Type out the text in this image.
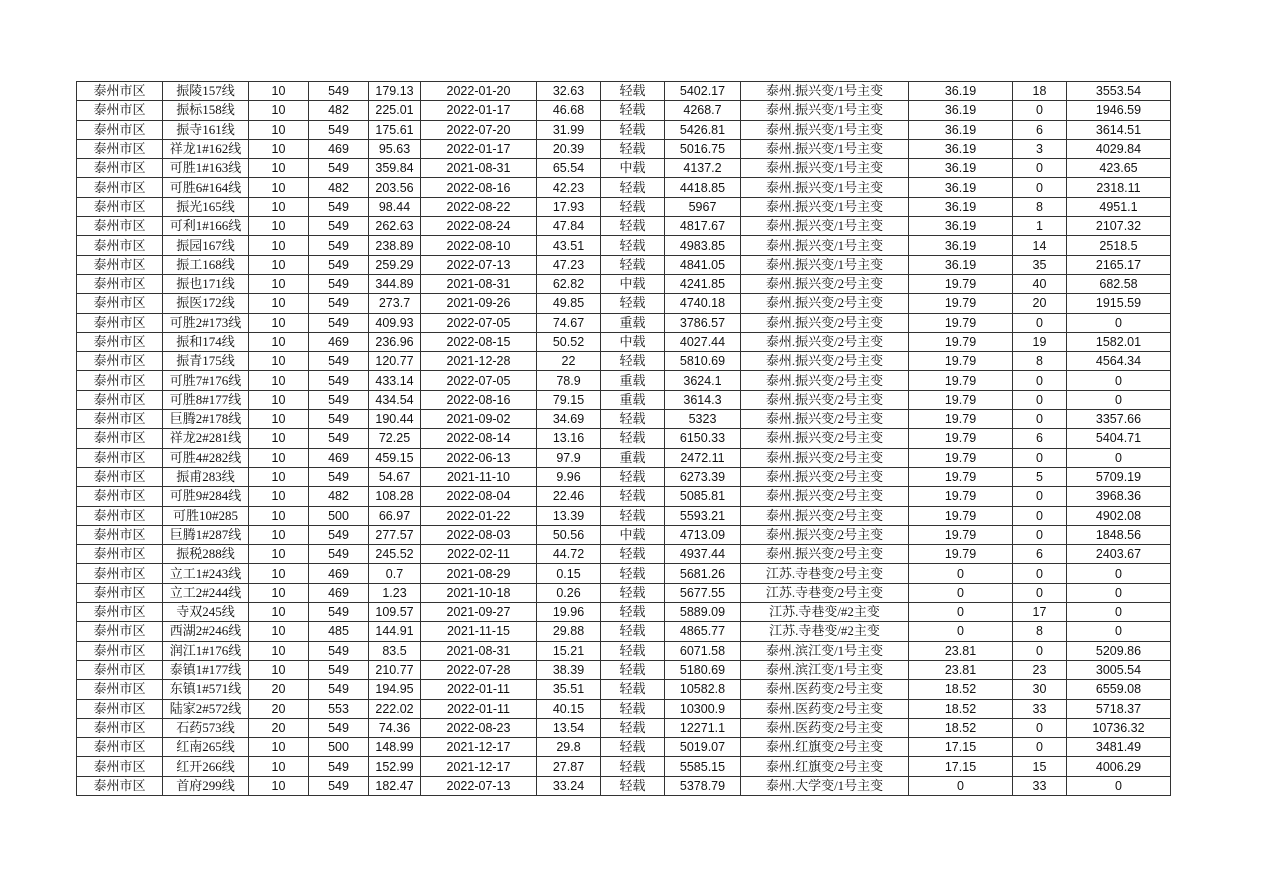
泰州市区	振陵157线	10	549	179.13	2022-01-20	32.63	轻载	5402.17	泰州.振兴变/1号主变	36.19	18	3553.54
泰州市区	振标158线	10	482	225.01	2022-01-17	46.68	轻载	4268.7	泰州.振兴变/1号主变	36.19	0	1946.59
泰州市区	振寺161线	10	549	175.61	2022-07-20	31.99	轻载	5426.81	泰州.振兴变/1号主变	36.19	6	3614.51
泰州市区	祥龙1#162线	10	469	95.63	2022-01-17	20.39	轻载	5016.75	泰州.振兴变/1号主变	36.19	3	4029.84
泰州市区	可胜1#163线	10	549	359.84	2021-08-31	65.54	中载	4137.2	泰州.振兴变/1号主变	36.19	0	423.65
泰州市区	可胜6#164线	10	482	203.56	2022-08-16	42.23	轻载	4418.85	泰州.振兴变/1号主变	36.19	0	2318.11
泰州市区	振光165线	10	549	98.44	2022-08-22	17.93	轻载	5967	泰州.振兴变/1号主变	36.19	8	4951.1
泰州市区	可利1#166线	10	549	262.63	2022-08-24	47.84	轻载	4817.67	泰州.振兴变/1号主变	36.19	1	2107.32
泰州市区	振园167线	10	549	238.89	2022-08-10	43.51	轻载	4983.85	泰州.振兴变/1号主变	36.19	14	2518.5
泰州市区	振工168线	10	549	259.29	2022-07-13	47.23	轻载	4841.05	泰州.振兴变/1号主变	36.19	35	2165.17
泰州市区	振也171线	10	549	344.89	2021-08-31	62.82	中载	4241.85	泰州.振兴变/2号主变	19.79	40	682.58
泰州市区	振医172线	10	549	273.7	2021-09-26	49.85	轻载	4740.18	泰州.振兴变/2号主变	19.79	20	1915.59
泰州市区	可胜2#173线	10	549	409.93	2022-07-05	74.67	重载	3786.57	泰州.振兴变/2号主变	19.79	0	0
泰州市区	振和174线	10	469	236.96	2022-08-15	50.52	中载	4027.44	泰州.振兴变/2号主变	19.79	19	1582.01
泰州市区	振青175线	10	549	120.77	2021-12-28	22	轻载	5810.69	泰州.振兴变/2号主变	19.79	8	4564.34
泰州市区	可胜7#176线	10	549	433.14	2022-07-05	78.9	重载	3624.1	泰州.振兴变/2号主变	19.79	0	0
泰州市区	可胜8#177线	10	549	434.54	2022-08-16	79.15	重载	3614.3	泰州.振兴变/2号主变	19.79	0	0
泰州市区	巨腾2#178线	10	549	190.44	2021-09-02	34.69	轻载	5323	泰州.振兴变/2号主变	19.79	0	3357.66
泰州市区	祥龙2#281线	10	549	72.25	2022-08-14	13.16	轻载	6150.33	泰州.振兴变/2号主变	19.79	6	5404.71
泰州市区	可胜4#282线	10	469	459.15	2022-06-13	97.9	重载	2472.11	泰州.振兴变/2号主变	19.79	0	0
泰州市区	振甫283线	10	549	54.67	2021-11-10	9.96	轻载	6273.39	泰州.振兴变/2号主变	19.79	5	5709.19
泰州市区	可胜9#284线	10	482	108.28	2022-08-04	22.46	轻载	5085.81	泰州.振兴变/2号主变	19.79	0	3968.36
泰州市区	可胜10#285	10	500	66.97	2022-01-22	13.39	轻载	5593.21	泰州.振兴变/2号主变	19.79	0	4902.08
泰州市区	巨腾1#287线	10	549	277.57	2022-08-03	50.56	中载	4713.09	泰州.振兴变/2号主变	19.79	0	1848.56
泰州市区	振税288线	10	549	245.52	2022-02-11	44.72	轻载	4937.44	泰州.振兴变/2号主变	19.79	6	2403.67
泰州市区	立工1#243线	10	469	0.7	2021-08-29	0.15	轻载	5681.26	江苏.寺巷变/2号主变	0	0	0
泰州市区	立工2#244线	10	469	1.23	2021-10-18	0.26	轻载	5677.55	江苏.寺巷变/2号主变	0	0	0
泰州市区	寺双245线	10	549	109.57	2021-09-27	19.96	轻载	5889.09	江苏.寺巷变/#2主变	0	17	0
泰州市区	西湖2#246线	10	485	144.91	2021-11-15	29.88	轻载	4865.77	江苏.寺巷变/#2主变	0	8	0
泰州市区	润江1#176线	10	549	83.5	2021-08-31	15.21	轻载	6071.58	泰州.滨江变/1号主变	23.81	0	5209.86
泰州市区	泰镇1#177线	10	549	210.77	2022-07-28	38.39	轻载	5180.69	泰州.滨江变/1号主变	23.81	23	3005.54
泰州市区	东镇1#571线	20	549	194.95	2022-01-11	35.51	轻载	10582.8	泰州.医药变/2号主变	18.52	30	6559.08
泰州市区	陆家2#572线	20	553	222.02	2022-01-11	40.15	轻载	10300.9	泰州.医药变/2号主变	18.52	33	5718.37
泰州市区	石药573线	20	549	74.36	2022-08-23	13.54	轻载	12271.1	泰州.医药变/2号主变	18.52	0	10736.32
泰州市区	红南265线	10	500	148.99	2021-12-17	29.8	轻载	5019.07	泰州.红旗变/2号主变	17.15	0	3481.49
泰州市区	红开266线	10	549	152.99	2021-12-17	27.87	轻载	5585.15	泰州.红旗变/2号主变	17.15	15	4006.29
泰州市区	首府299线	10	549	182.47	2022-07-13	33.24	轻载	5378.79	泰州.大学变/1号主变	0	33	0
